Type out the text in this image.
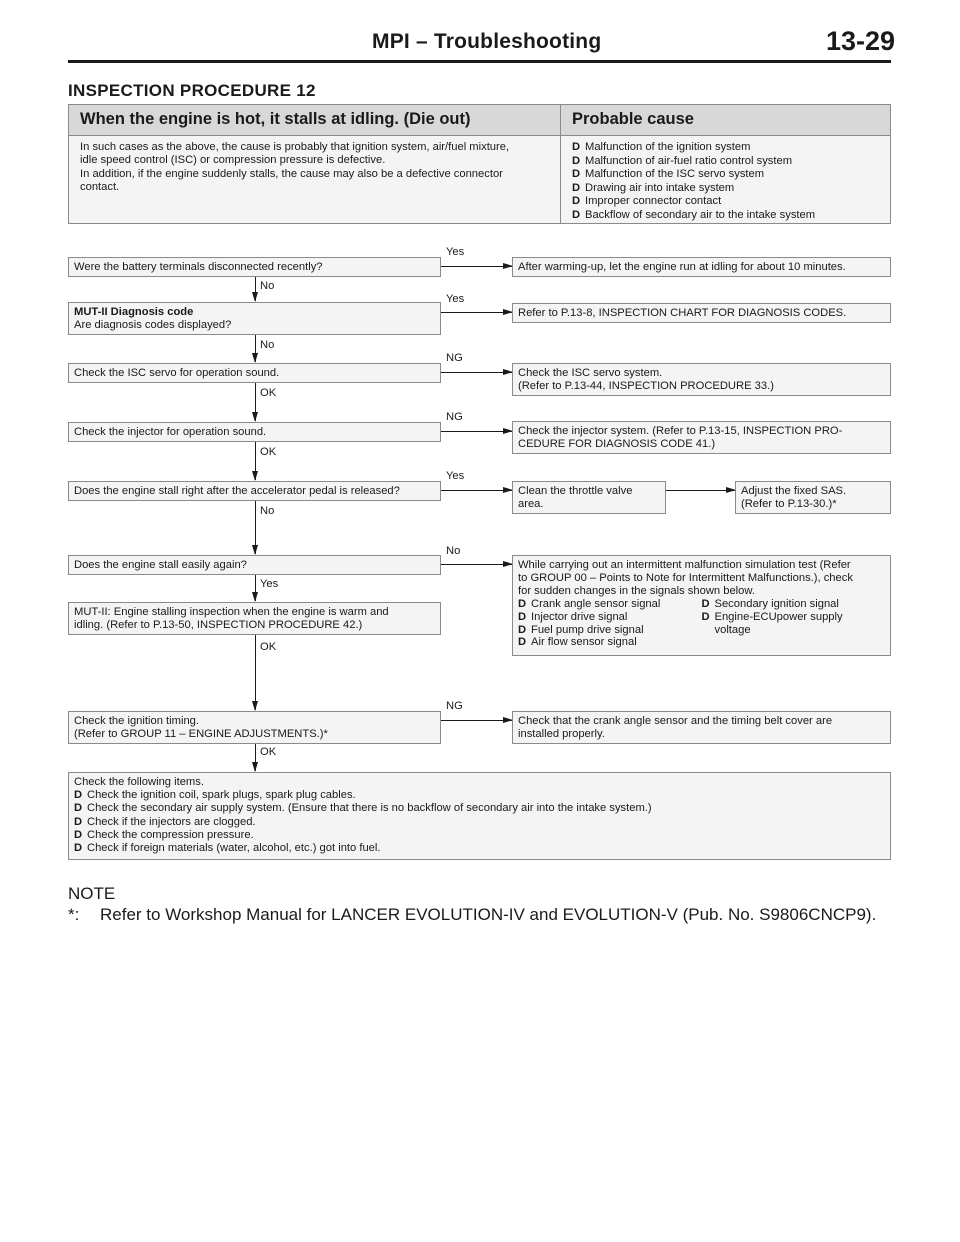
MPI – Troubleshooting	13-29
INSPECTION PROCEDURE 12
When the engine is hot, it stalls at idling. (Die out)	Probable cause
In such cases as the above, the cause is probably that ignition system, air/fuel mixture,
idle speed control (ISC) or compression pressure is defective.
In addition, if the engine suddenly stalls, the cause may also be a defective connector
contact.
D Malfunction of the ignition system
D Malfunction of air-fuel ratio control system
D Malfunction of the ISC servo system
D Drawing air into intake system
D Improper connector contact
D Backflow of secondary air to the intake system
Were the battery terminals disconnected recently?
Yes
After warming-up, let the engine run at idling for about 10 minutes.
No
MUT-II Diagnosis code
Are diagnosis codes displayed?
Yes
Refer to P.13-8, INSPECTION CHART FOR DIAGNOSIS CODES.
No
Check the ISC servo for operation sound.
NG
Check the ISC servo system.
(Refer to P.13-44, INSPECTION PROCEDURE 33.)
OK
Check the injector for operation sound.
NG
Check the injector system. (Refer to P.13-15, INSPECTION PRO-
CEDURE FOR DIAGNOSIS CODE 41.)
OK
Does the engine stall right after the accelerator pedal is released?
Yes
Clean the throttle valve
area.
Adjust the fixed SAS.
(Refer to P.13-30.)*
No
Does the engine stall easily again?
No
While carrying out an intermittent malfunction simulation test (Refer
to GROUP 00 – Points to Note for Intermittent Malfunctions.), check
for sudden changes in the signals shown below.
D Crank angle sensor signal
D Injector drive signal
D Fuel pump drive signal
D Air flow sensor signal
D Secondary ignition signal
D Engine-ECUpower supply
voltage
Yes
MUT-II: Engine stalling inspection when the engine is warm and
idling. (Refer to P.13-50, INSPECTION PROCEDURE 42.)
OK
Check the ignition timing.
(Refer to GROUP 11 – ENGINE ADJUSTMENTS.)*
NG
Check that the crank angle sensor and the timing belt cover are
installed properly.
OK
Check the following items.
D Check the ignition coil, spark plugs, spark plug cables.
D Check the secondary air supply system. (Ensure that there is no backflow of secondary air into the intake system.)
D Check if the injectors are clogged.
D Check the compression pressure.
D Check if foreign materials (water, alcohol, etc.) got into fuel.
NOTE
*: Refer to Workshop Manual for LANCER EVOLUTION-IV and EVOLUTION-V (Pub. No. S9806CNCP9).
